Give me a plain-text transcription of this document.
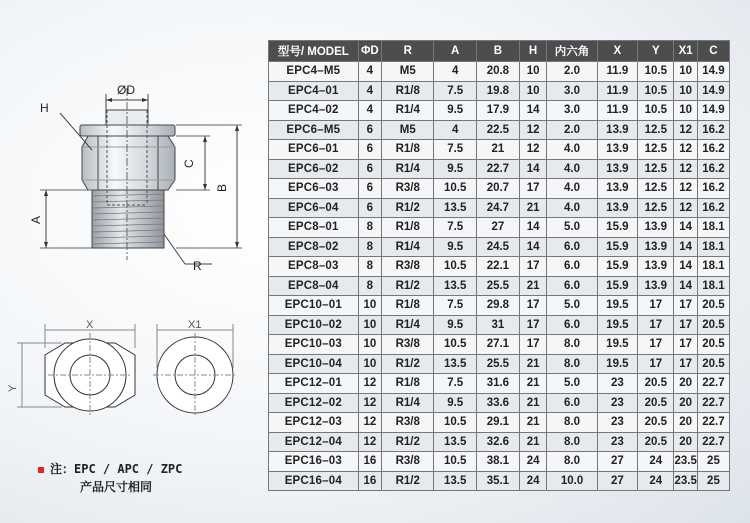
ØD
H
C
B
A
R
X	X1
Y
注：EPC / APC / ZPC
产品尺寸相同
型号/ MODEL	ΦD	R	A	B	H	内六角	X	Y	X1	C
EPC4–M5	4	M5	4	20.8	10	2.0	11.9	10.5	10	14.9
EPC4–01	4	R1/8	7.5	19.8	10	3.0	11.9	10.5	10	14.9
EPC4–02	4	R1/4	9.5	17.9	14	3.0	11.9	10.5	10	14.9
EPC6–M5	6	M5	4	22.5	12	2.0	13.9	12.5	12	16.2
EPC6–01	6	R1/8	7.5	21	12	4.0	13.9	12.5	12	16.2
EPC6–02	6	R1/4	9.5	22.7	14	4.0	13.9	12.5	12	16.2
EPC6–03	6	R3/8	10.5	20.7	17	4.0	13.9	12.5	12	16.2
EPC6–04	6	R1/2	13.5	24.7	21	4.0	13.9	12.5	12	16.2
EPC8–01	8	R1/8	7.5	27	14	5.0	15.9	13.9	14	18.1
EPC8–02	8	R1/4	9.5	24.5	14	6.0	15.9	13.9	14	18.1
EPC8–03	8	R3/8	10.5	22.1	17	6.0	15.9	13.9	14	18.1
EPC8–04	8	R1/2	13.5	25.5	21	6.0	15.9	13.9	14	18.1
EPC10–01	10	R1/8	7.5	29.8	17	5.0	19.5	17	17	20.5
EPC10–02	10	R1/4	9.5	31	17	6.0	19.5	17	17	20.5
EPC10–03	10	R3/8	10.5	27.1	17	8.0	19.5	17	17	20.5
EPC10–04	10	R1/2	13.5	25.5	21	8.0	19.5	17	17	20.5
EPC12–01	12	R1/8	7.5	31.6	21	5.0	23	20.5	20	22.7
EPC12–02	12	R1/4	9.5	33.6	21	6.0	23	20.5	20	22.7
EPC12–03	12	R3/8	10.5	29.1	21	8.0	23	20.5	20	22.7
EPC12–04	12	R1/2	13.5	32.6	21	8.0	23	20.5	20	22.7
EPC16–03	16	R3/8	10.5	38.1	24	8.0	27	24	23.5	25
EPC16–04	16	R1/2	13.5	35.1	24	10.0	27	24	23.5	25
